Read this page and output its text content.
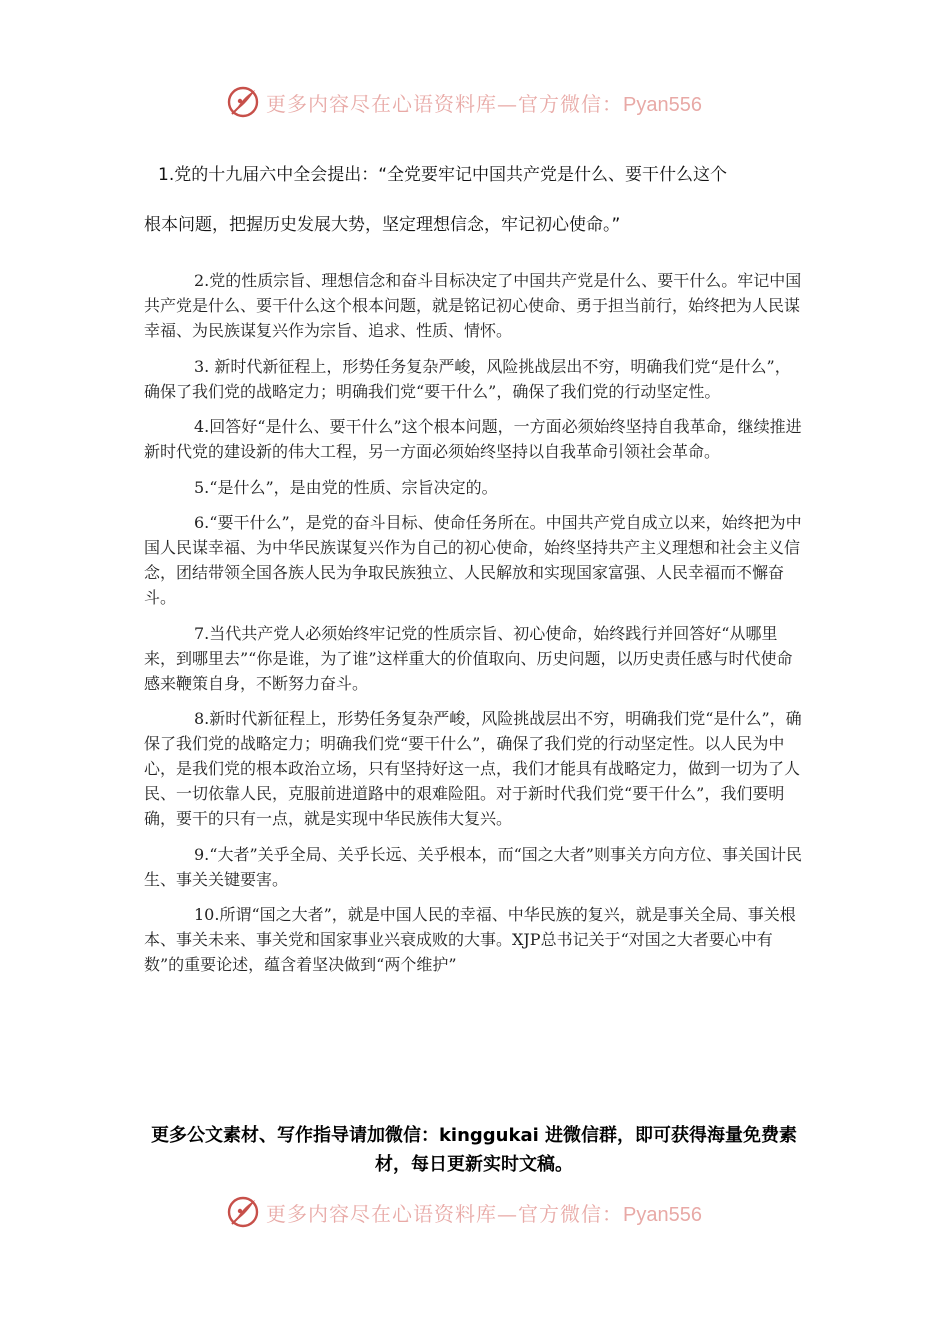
更多内容尽在心语资料库—官方微信：Pyan556
1.党的十九届六中全会提出：“全党要牢记中国共产党是什么、要干什么这个
根本问题，把握历史发展大势，坚定理想信念，牢记初心使命。”

2.党的性质宗旨、理想信念和奋斗目标决定了中国共产党是什么、要干什么。牢记中国共产党是什么、要干什么这个根本问题，就是铭记初心使命、勇于担当前行，始终把为人民谋幸福、为民族谋复兴作为宗旨、追求、性质、情怀。

3. 新时代新征程上，形势任务复杂严峻，风险挑战层出不穷，明确我们党“是什么”，确保了我们党的战略定力；明确我们党“要干什么”，确保了我们党的行动坚定性。

4.回答好“是什么、要干什么”这个根本问题，一方面必须始终坚持自我革命，继续推进新时代党的建设新的伟大工程，另一方面必须始终坚持以自我革命引领社会革命。

5.“是什么”，是由党的性质、宗旨决定的。

6.“要干什么”，是党的奋斗目标、使命任务所在。中国共产党自成立以来，始终把为中国人民谋幸福、为中华民族谋复兴作为自己的初心使命，始终坚持共产主义理想和社会主义信念，团结带领全国各族人民为争取民族独立、人民解放和实现国家富强、人民幸福而不懈奋斗。

7.当代共产党人必须始终牢记党的性质宗旨、初心使命，始终践行并回答好“从哪里来，到哪里去”“你是谁，为了谁”这样重大的价值取向、历史问题，以历史责任感与时代使命感来鞭策自身，不断努力奋斗。

8.新时代新征程上，形势任务复杂严峻，风险挑战层出不穷，明确我们党“是什么”，确保了我们党的战略定力；明确我们党“要干什么”，确保了我们党的行动坚定性。以人民为中心，是我们党的根本政治立场，只有坚持好这一点，我们才能具有战略定力，做到一切为了人民、一切依靠人民，克服前进道路中的艰难险阻。对于新时代我们党“要干什么”，我们要明确，要干的只有一点，就是实现中华民族伟大复兴。

9.“大者”关乎全局、关乎长远、关乎根本，而“国之大者”则事关方向方位、事关国计民生、事关关键要害。

10.所谓“国之大者”，就是中国人民的幸福、中华民族的复兴，就是事关全局、事关根本、事关未来、事关党和国家事业兴衰成败的大事。XJP总书记关于“对国之大者要心中有数”的重要论述，蕴含着坚决做到“两个维护”

更多公文素材、写作指导请加微信：kinggukai 进微信群，即可获得海量免费素材，每日更新实时文稿。
更多内容尽在心语资料库—官方微信：Pyan556
